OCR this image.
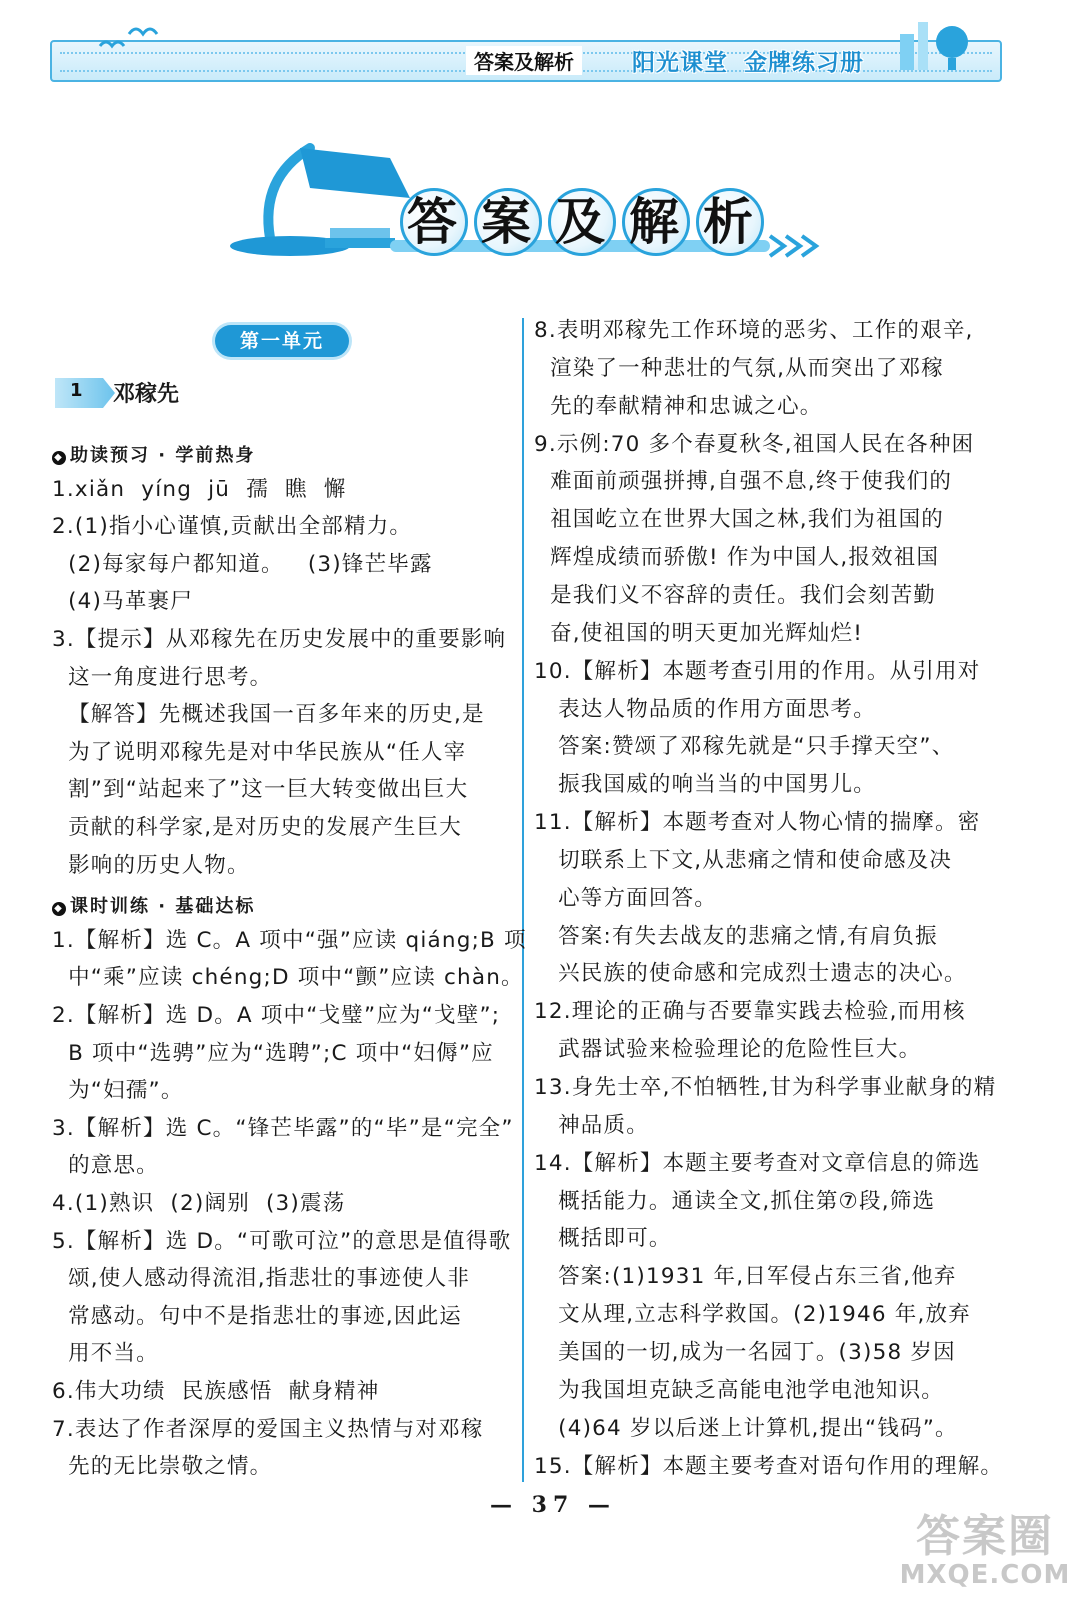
答案及解析	阳光课堂 金牌练习册
答 案 及 解 析
第一单元
1 邓稼先
◆ 助读预习 · 学前热身
1.xiǎn  yíng  jū  孺  瞧  懈
2.(1)指小心谨慎,贡献出全部精力。
(2)每家每户都知道。   (3)锋芒毕露
(4)马革裹尸
3.【提示】从邓稼先在历史发展中的重要影响
这一角度进行思考。
【解答】先概述我国一百多年来的历史,是
为了说明邓稼先是对中华民族从“任人宰
割”到“站起来了”这一巨大转变做出巨大
贡献的科学家,是对历史的发展产生巨大
影响的历史人物。
◆ 课时训练 · 基础达标
1.【解析】选 C。A 项中“强”应读 qiáng;B 项
中“乘”应读 chéng;D 项中“颤”应读 chàn。
2.【解析】选 D。A 项中“戈璧”应为“戈壁”;
B 项中“选骋”应为“选聘”;C 项中“妇傉”应
为“妇孺”。
3.【解析】选 C。“锋芒毕露”的“毕”是“完全”
的意思。
4.(1)熟识  (2)阔别  (3)震荡
5.【解析】选 D。“可歌可泣”的意思是值得歌
颂,使人感动得流泪,指悲壮的事迹使人非
常感动。句中不是指悲壮的事迹,因此运
用不当。
6.伟大功绩  民族感悟  献身精神
7.表达了作者深厚的爱国主义热情与对邓稼
先的无比崇敬之情。
8.表明邓稼先工作环境的恶劣、工作的艰辛,
渲染了一种悲壮的气氛,从而突出了邓稼
先的奉献精神和忠诚之心。
9.示例:70 多个春夏秋冬,祖国人民在各种困
难面前顽强拼搏,自强不息,终于使我们的
祖国屹立在世界大国之林,我们为祖国的
辉煌成绩而骄傲! 作为中国人,报效祖国
是我们义不容辞的责任。我们会刻苦勤
奋,使祖国的明天更加光辉灿烂!
10.【解析】本题考查引用的作用。从引用对
表达人物品质的作用方面思考。
答案:赞颂了邓稼先就是“只手撑天空”、
振我国威的响当当的中国男儿。
11.【解析】本题考查对人物心情的揣摩。密
切联系上下文,从悲痛之情和使命感及决
心等方面回答。
答案:有失去战友的悲痛之情,有肩负振
兴民族的使命感和完成烈士遗志的决心。
12.理论的正确与否要靠实践去检验,而用核
武器试验来检验理论的危险性巨大。
13.身先士卒,不怕牺牲,甘为科学事业献身的精
神品质。
14.【解析】本题主要考查对文章信息的筛选
概括能力。通读全文,抓住第⑦段,筛选
概括即可。
答案:(1)1931 年,日军侵占东三省,他弃
文从理,立志科学救国。(2)1946 年,放弃
美国的一切,成为一名园丁。(3)58 岁因
为我国坦克缺乏高能电池学电池知识。
(4)64 岁以后迷上计算机,提出“钱码”。
15.【解析】本题主要考查对语句作用的理解。
— 37 —
答案圈
MXQE.COM
